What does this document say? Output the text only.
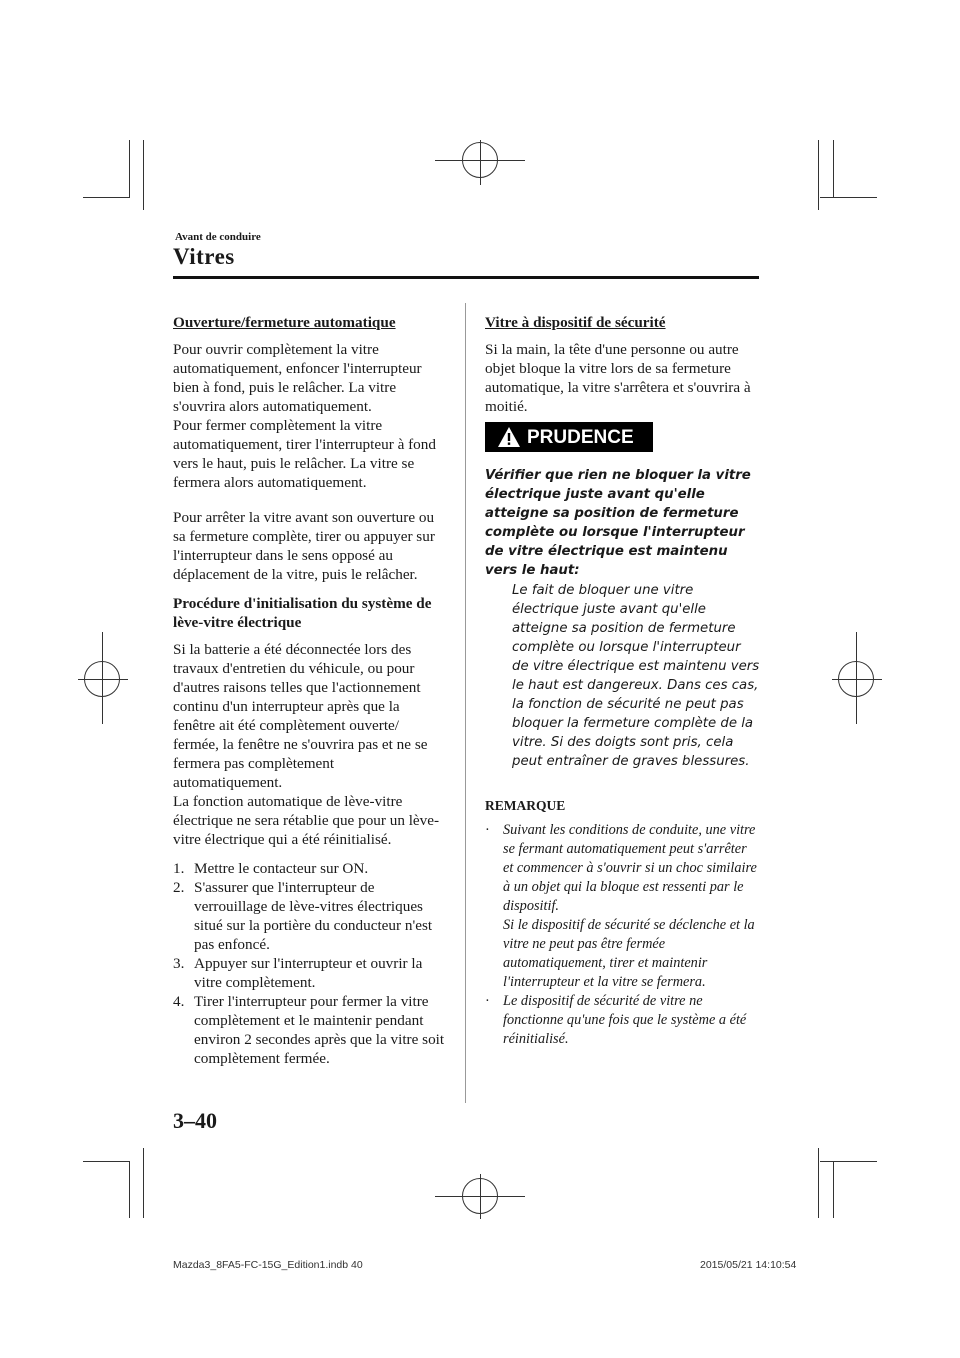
Avant de conduire
Vitres
Ouverture/fermeture automatique
Pour ouvrir complètement la vitre automatiquement, enfoncer l'interrupteur bien à fond, puis le relâcher. La vitre s'ouvrira alors automatiquement.

Pour fermer complètement la vitre automatiquement, tirer l'interrupteur à fond vers le haut, puis le relâcher. La vitre se fermera alors automatiquement.

Pour arrêter la vitre avant son ouverture ou sa fermeture complète, tirer ou appuyer sur l'interrupteur dans le sens opposé au déplacement de la vitre, puis le relâcher.

Procédure d'initialisation du système de lève-vitre électrique
Si la batterie a été déconnectée lors des travaux d'entretien du véhicule, ou pour d'autres raisons telles que l'actionnement continu d'un interrupteur après que la fenêtre ait été complètement ouverte/ fermée, la fenêtre ne s'ouvrira pas et ne se fermera pas complètement automatiquement.

La fonction automatique de lève-vitre électrique ne sera rétablie que pour un lève-vitre électrique qui a été réinitialisé.

1. Mettre le contacteur sur ON.
2. S'assurer que l'interrupteur de verrouillage de lève-vitres électriques situé sur la portière du conducteur n'est pas enfoncé.
3. Appuyer sur l'interrupteur et ouvrir la vitre complètement.
4. Tirer l'interrupteur pour fermer la vitre complètement et le maintenir pendant environ 2 secondes après que la vitre soit complètement fermée.
Vitre à dispositif de sécurité
Si la main, la tête d'une personne ou autre objet bloque la vitre lors de sa fermeture automatique, la vitre s'arrêtera et s'ouvrira à moitié.
PRUDENCE
Vérifier que rien ne bloquer la vitre électrique juste avant qu'elle atteigne sa position de fermeture complète ou lorsque l'interrupteur de vitre électrique est maintenu vers le haut:
Le fait de bloquer une vitre électrique juste avant qu'elle atteigne sa position de fermeture complète ou lorsque l'interrupteur de vitre électrique est maintenu vers le haut est dangereux. Dans ces cas, la fonction de sécurité ne peut pas bloquer la fermeture complète de la vitre. Si des doigts sont pris, cela peut entraîner de graves blessures.
REMARQUE
· Suivant les conditions de conduite, une vitre se fermant automatiquement peut s'arrêter et commencer à s'ouvrir si un choc similaire à un objet qui la bloque est ressenti par le dispositif.
Si le dispositif de sécurité se déclenche et la vitre ne peut pas être fermée automatiquement, tirer et maintenir l'interrupteur et la vitre se fermera.
· Le dispositif de sécurité de vitre ne fonctionne qu'une fois que le système a été réinitialisé.
3–40
Mazda3_8FA5-FC-15G_Edition1.indb 40	2015/05/21 14:10:54
